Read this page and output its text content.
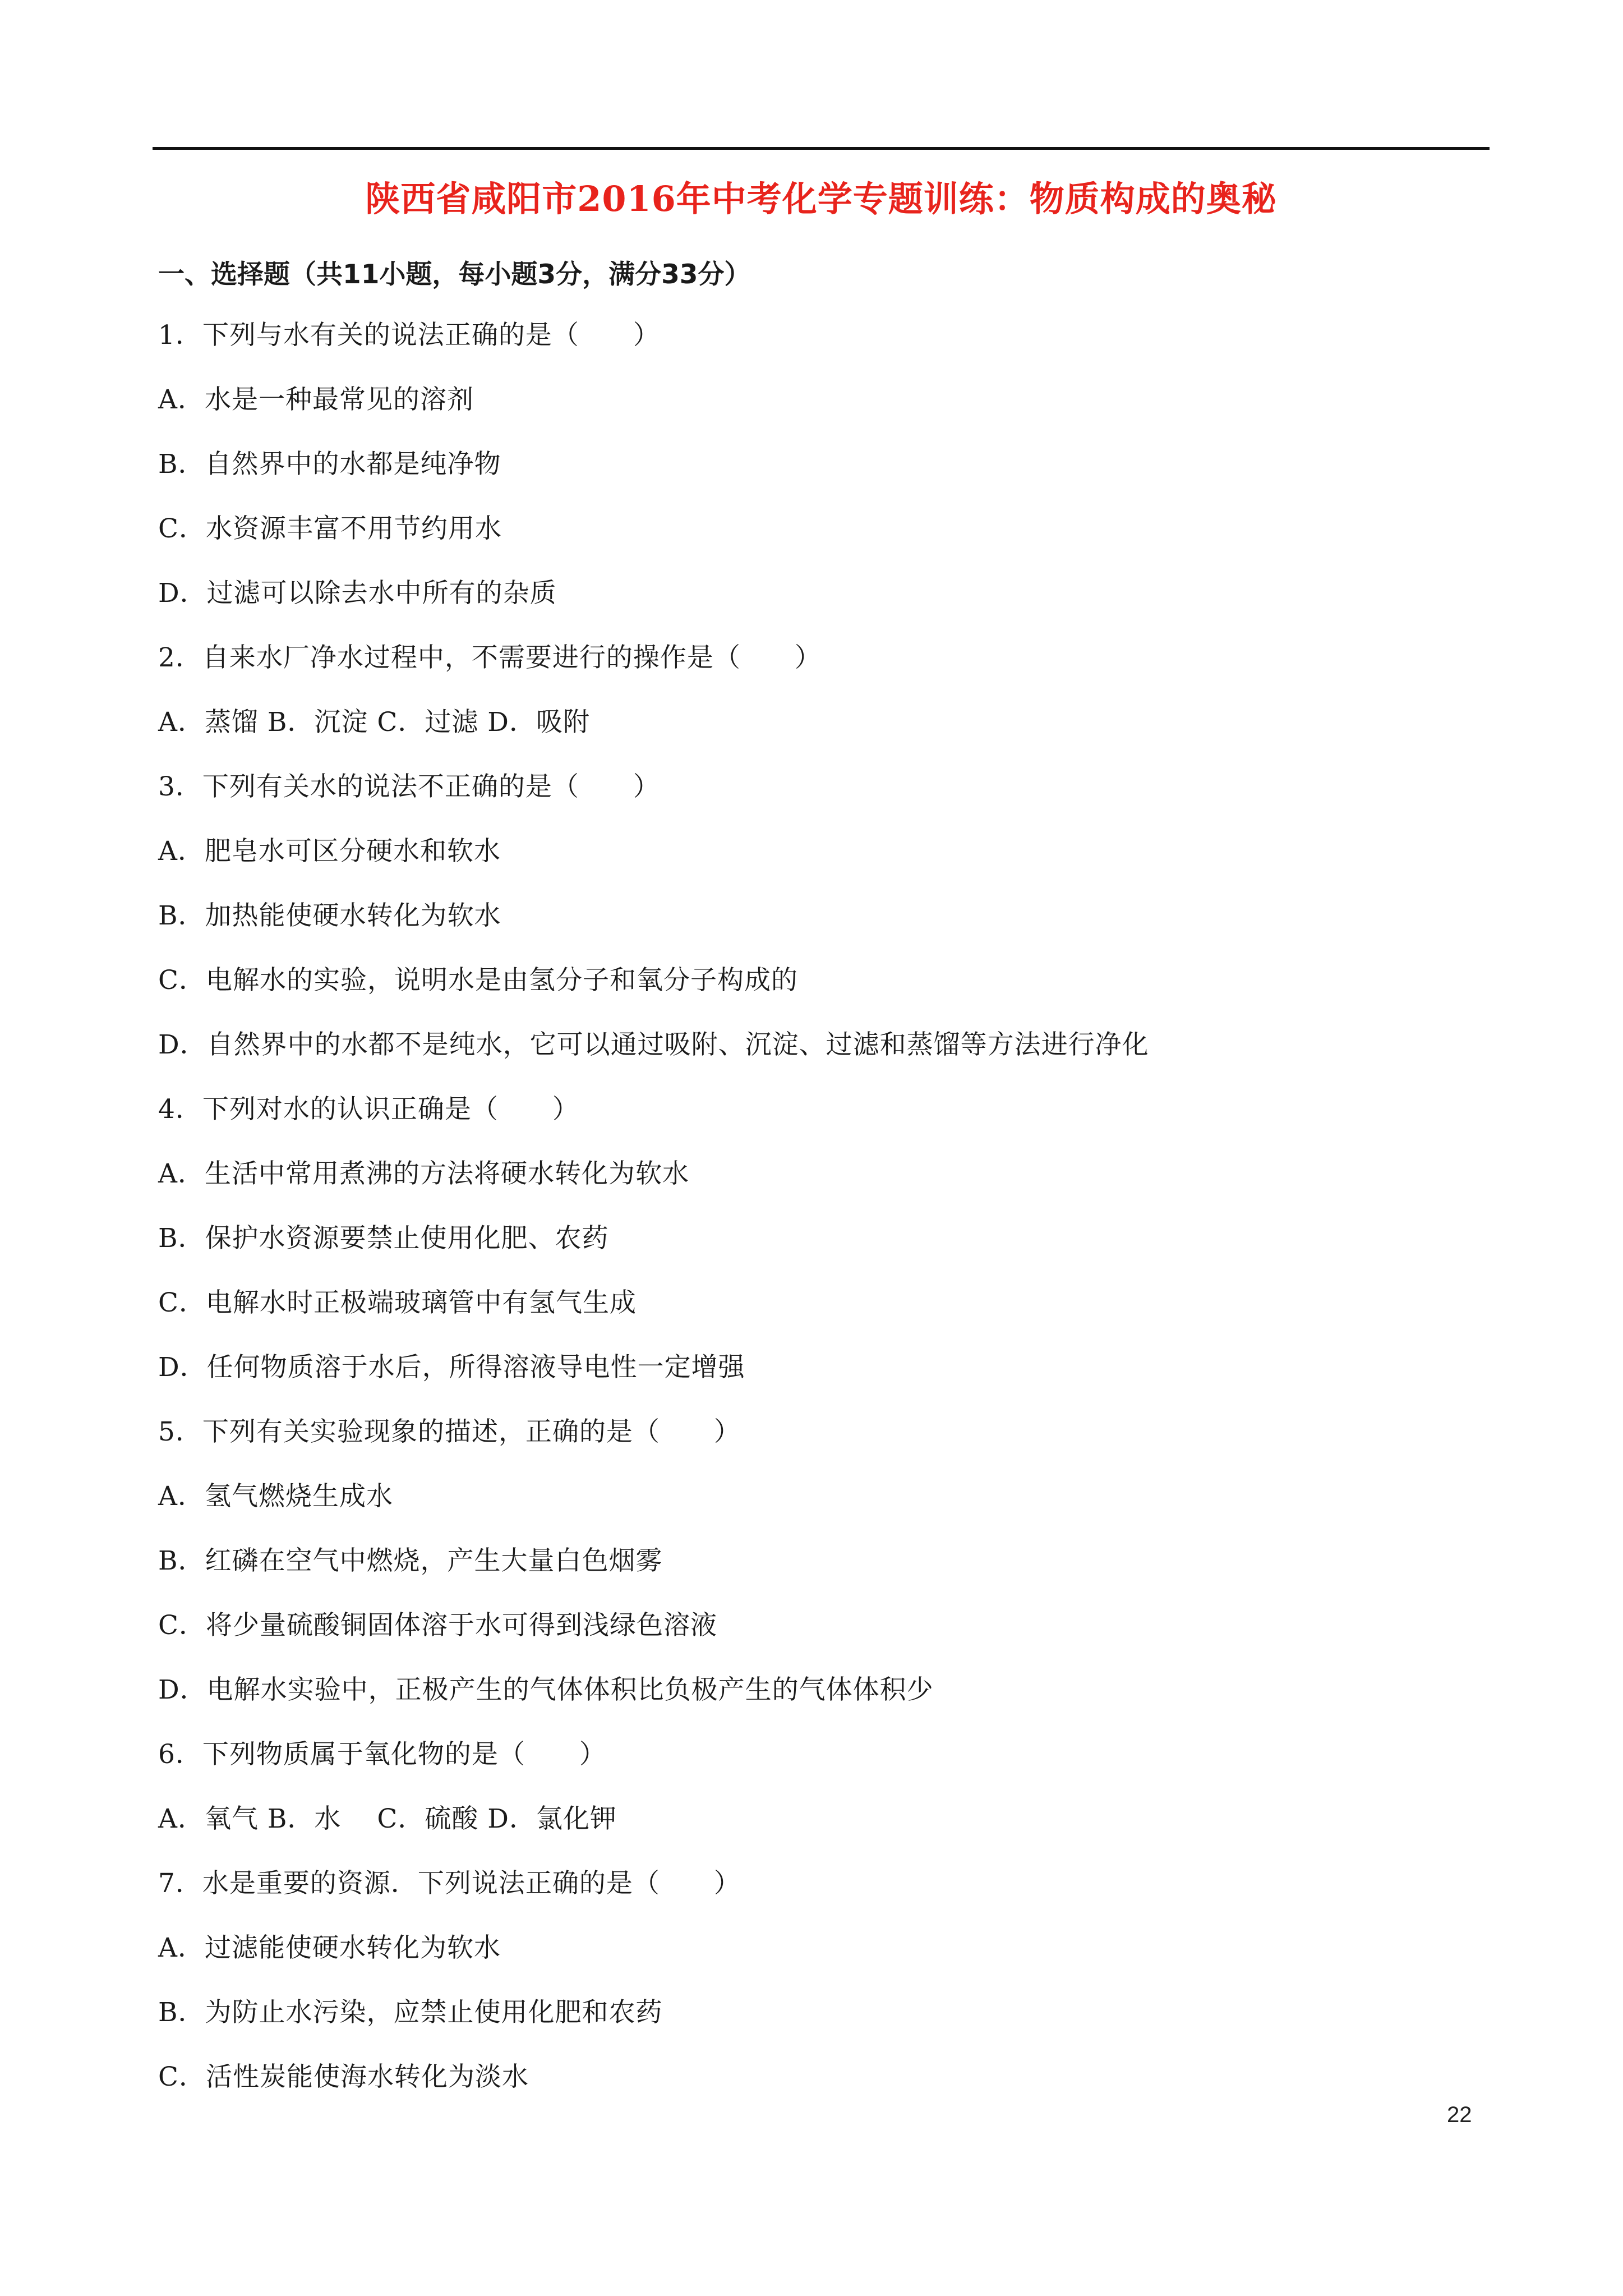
陕西省咸阳市2016年中考化学专题训练：物质构成的奥秘
一、选择题（共11小题，每小题3分，满分33分）
1．下列与水有关的说法正确的是（　　）
A．水是一种最常见的溶剂
B．自然界中的水都是纯净物
C．水资源丰富不用节约用水
D．过滤可以除去水中所有的杂质
2．自来水厂净水过程中，不需要进行的操作是（　　）
A．蒸馏 B．沉淀 C．过滤 D．吸附
3．下列有关水的说法不正确的是（　　）
A．肥皂水可区分硬水和软水
B．加热能使硬水转化为软水
C．电解水的实验，说明水是由氢分子和氧分子构成的
D．自然界中的水都不是纯水，它可以通过吸附、沉淀、过滤和蒸馏等方法进行净化
4．下列对水的认识正确是（　　）
A．生活中常用煮沸的方法将硬水转化为软水
B．保护水资源要禁止使用化肥、农药
C．电解水时正极端玻璃管中有氢气生成
D．任何物质溶于水后，所得溶液导电性一定增强
5．下列有关实验现象的描述，正确的是（　　）
A．氢气燃烧生成水
B．红磷在空气中燃烧，产生大量白色烟雾
C．将少量硫酸铜固体溶于水可得到浅绿色溶液
D．电解水实验中，正极产生的气体体积比负极产生的气体体积少
6．下列物质属于氧化物的是（　　）
A．氧气 B．水　 C．硫酸 D．氯化钾
7．水是重要的资源．下列说法正确的是（　　）
A．过滤能使硬水转化为软水
B．为防止水污染，应禁止使用化肥和农药
C．活性炭能使海水转化为淡水
22
